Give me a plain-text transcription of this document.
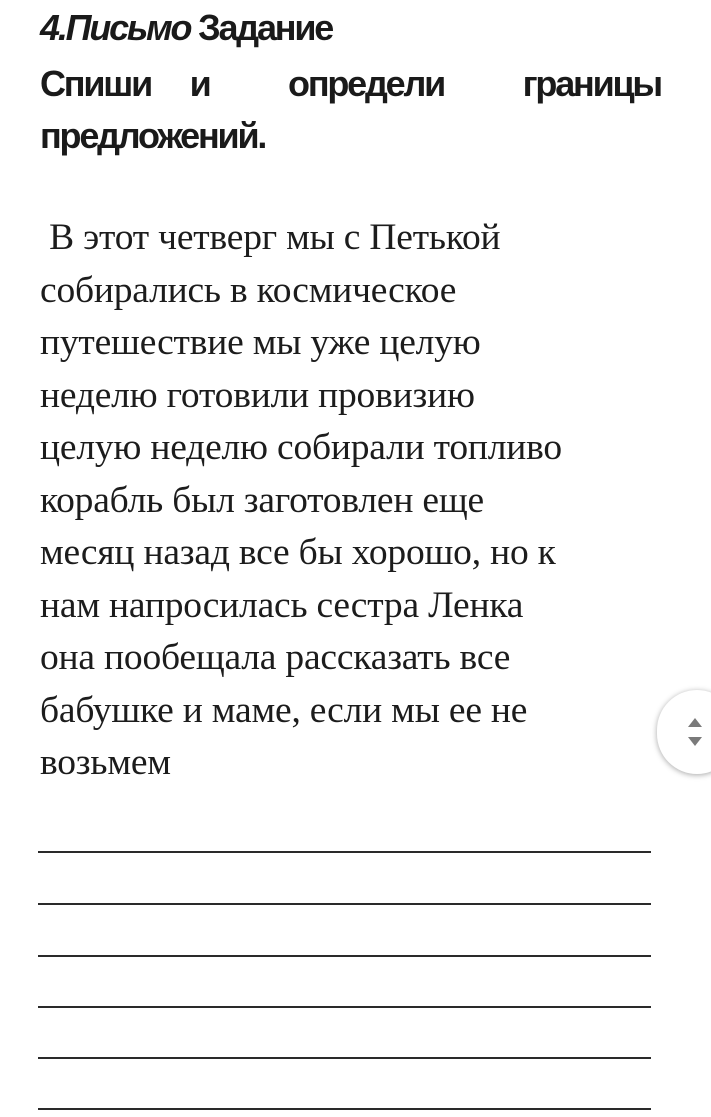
4.Письмо Задание
Спиши и определи границы
предложений.
В этот четверг мы с Петькой
собирались в космическое
путешествие мы уже целую
неделю готовили провизию
целую неделю собирали топливо
корабль был заготовлен еще
месяц назад все бы хорошо, но к
нам напросилась сестра Ленка
она пообещала рассказать все
бабушке и маме, если мы ее не
возьмем
